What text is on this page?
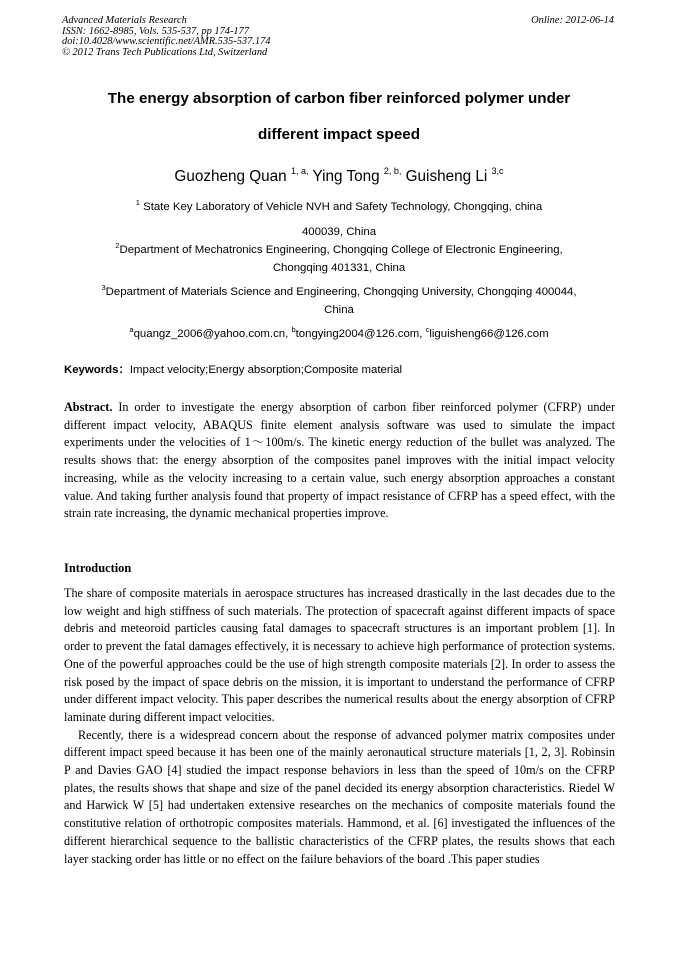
Advanced Materials Research
ISSN: 1662-8985, Vols. 535-537, pp 174-177
doi:10.4028/www.scientific.net/AMR.535-537.174
© 2012 Trans Tech Publications Ltd, Switzerland
Online: 2012-06-14
The energy absorption of carbon fiber reinforced polymer under
different impact speed
Guozheng Quan $^{1, a,}$ Ying Tong $^{2, b,}$ Guisheng Li $^{3,c}$
$^1$ State Key Laboratory of Vehicle NVH and Safety Technology, Chongqing, china
400039, China
$^2$Department of Mechatronics Engineering, Chongqing College of Electronic Engineering,
Chongqing 401331, China
$^3$Department of Materials Science and Engineering, Chongqing University, Chongqing 400044,
China
$^a$quangz_2006@yahoo.com.cn, $^b$tongying2004@126.com, $^c$liguisheng66@126.com
Keywords：Impact velocity;Energy absorption;Composite material

Abstract. In order to investigate the energy absorption of carbon fiber reinforced polymer (CFRP) under different impact velocity, ABAQUS finite element analysis software was used to simulate the impact experiments under the velocities of 1～100m/s. The kinetic energy reduction of the bullet was analyzed. The results shows that: the energy absorption of the composites panel improves with the initial impact velocity increasing, while as the velocity increasing to a certain value, such energy absorption approaches a constant value. And taking further analysis found that property of impact resistance of CFRP has a speed effect, with the strain rate increasing, the dynamic mechanical properties improve.

Introduction

The share of composite materials in aerospace structures has increased drastically in the last decades due to the low weight and high stiffness of such materials. The protection of spacecraft against different impacts of space debris and meteoroid particles causing fatal damages to spacecraft structures is an important problem [1]. In order to prevent the fatal damages effectively, it is necessary to achieve high performance of protection systems. One of the powerful approaches could be the use of high strength composite materials [2]. In order to assess the risk posed by the impact of space debris on the mission, it is important to understand the performance of CFRP under different impact velocity. This paper describes the numerical results about the energy absorption of CFRP laminate during different impact velocities.

Recently, there is a widespread concern about the response of advanced polymer matrix composites under different impact speed because it has been one of the mainly aeronautical structure materials [1, 2, 3]. Robinsin P and Davies GAO [4] studied the impact response behaviors in less than the speed of 10m/s on the CFRP plates, the results shows that shape and size of the panel decided its energy absorption characteristics. Riedel W and Harwick W [5] had undertaken extensive researches on the mechanics of composite materials found the constitutive relation of orthotropic composites materials. Hammond, et al. [6] investigated the influences of the different hierarchical sequence to the ballistic characteristics of the CFRP plates, the results shows that each layer stacking order has little or no effect on the failure behaviors of the board .This paper studies
